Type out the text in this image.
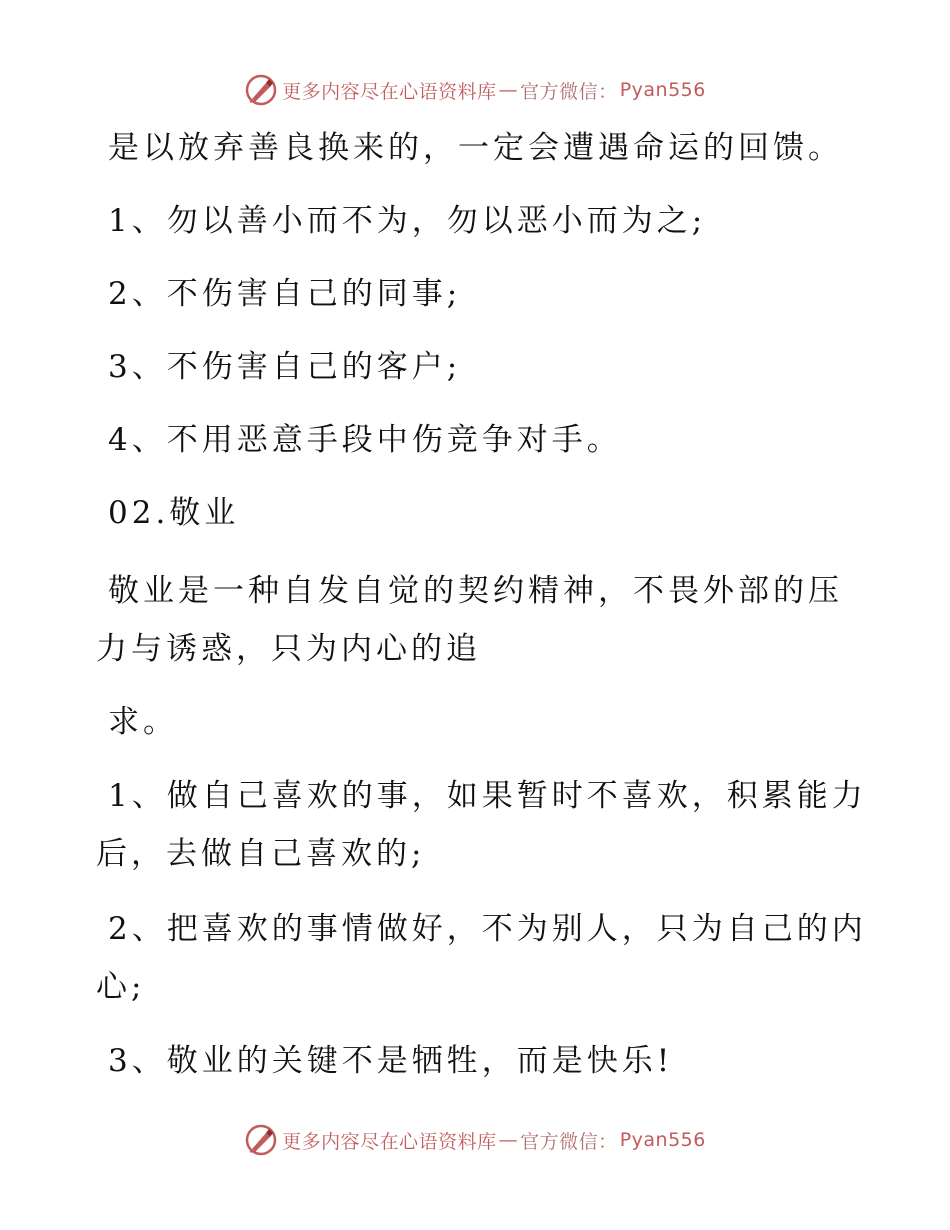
更多内容尽在心语资料库 — 官方微信： Pyan556
是以放弃善良换来的，一定会遭遇命运的回馈。
1、勿以善小而不为，勿以恶小而为之;
2、不伤害自己的同事;
3、不伤害自己的客户;
4、不用恶意手段中伤竞争对手。
02.敬业
敬业是一种自发自觉的契约精神，不畏外部的压
力与诱惑，只为内心的追
求。
1、做自己喜欢的事，如果暂时不喜欢，积累能力
后，去做自己喜欢的;
2、把喜欢的事情做好，不为别人，只为自己的内
心;
3、敬业的关键不是牺牲，而是快乐!
更多内容尽在心语资料库 — 官方微信： Pyan556
